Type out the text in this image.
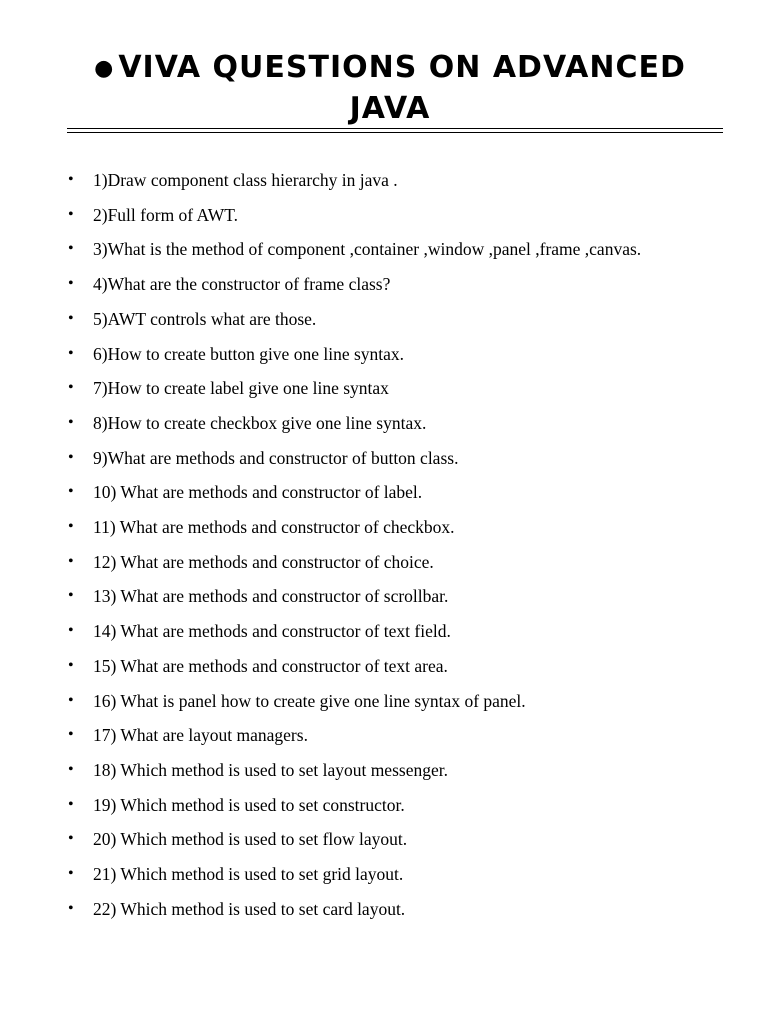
● VIVA QUESTIONS ON ADVANCED
JAVA
• 1)Draw component class hierarchy in java .
• 2)Full form of AWT.
• 3)What is the method of component ,container ,window ,panel ,frame ,canvas.
• 4)What are the constructor of frame class?
• 5)AWT controls what are those.
• 6)How to create button give one line syntax.
• 7)How to create label give one line syntax
• 8)How to create checkbox give one line syntax.
• 9)What are methods and constructor of button class.
• 10) What are methods and constructor of label.
• 11) What are methods and constructor of checkbox.
• 12) What are methods and constructor of choice.
• 13) What are methods and constructor of scrollbar.
• 14) What are methods and constructor of text field.
• 15) What are methods and constructor of text area.
• 16) What is panel how to create give one line syntax of panel.
• 17) What are layout managers.
• 18) Which method is used to set layout messenger.
• 19) Which method is used to set constructor.
• 20) Which method is used to set flow layout.
• 21) Which method is used to set grid layout.
• 22) Which method is used to set card layout.
